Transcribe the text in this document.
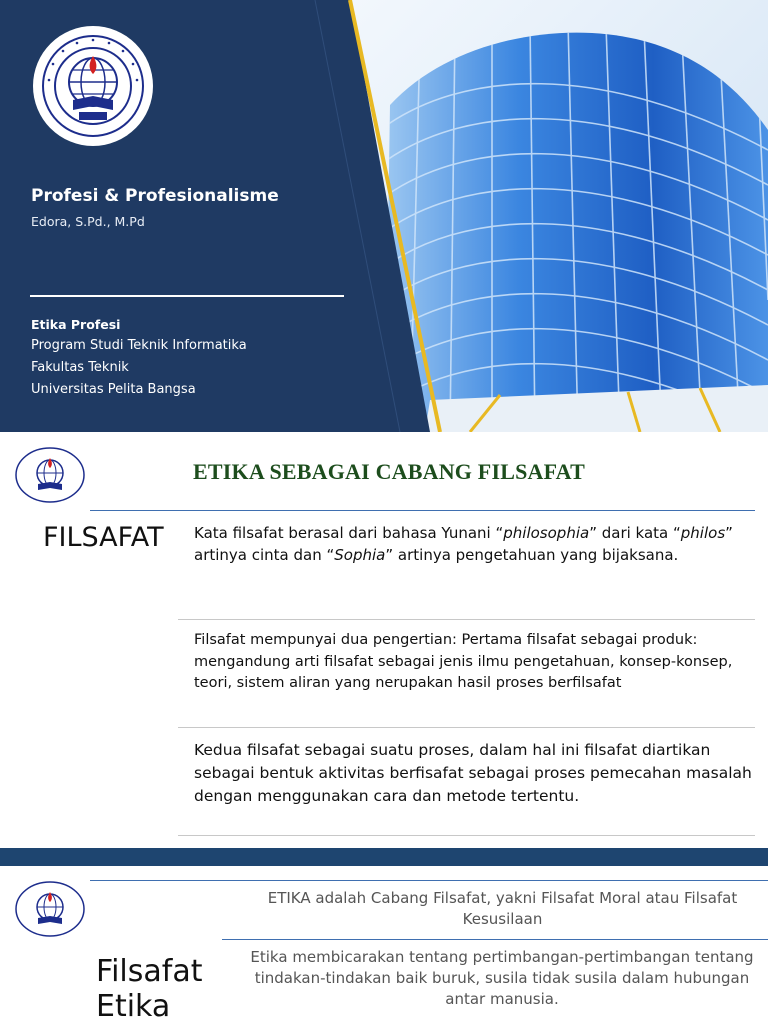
Profesi & Profesionalisme
Edora, S.Pd., M.Pd
Etika Profesi
Program Studi Teknik Informatika
Fakultas Teknik
Universitas Pelita Bangsa
ETIKA SEBAGAI CABANG FILSAFAT
FILSAFAT Kata filsafat berasal dari bahasa Yunani “philosophia” dari kata “philos” artinya cinta dan “Sophia” artinya pengetahuan yang bijaksana.
Filsafat mempunyai dua pengertian: Pertama filsafat sebagai produk: mengandung arti filsafat sebagai jenis ilmu pengetahuan, konsep-konsep, teori, sistem aliran yang nerupakan hasil proses berfilsafat
Kedua filsafat sebagai suatu proses, dalam hal ini filsafat diartikan sebagai bentuk aktivitas berfisafat sebagai proses pemecahan masalah dengan menggunakan cara dan metode tertentu.
ETIKA adalah Cabang Filsafat, yakni Filsafat Moral atau Filsafat Kesusilaan
Etika membicarakan tentang pertimbangan-pertimbangan tentang tindakan-tindakan baik buruk, susila tidak susila dalam hubungan antar manusia.
Filsafat
Etika
